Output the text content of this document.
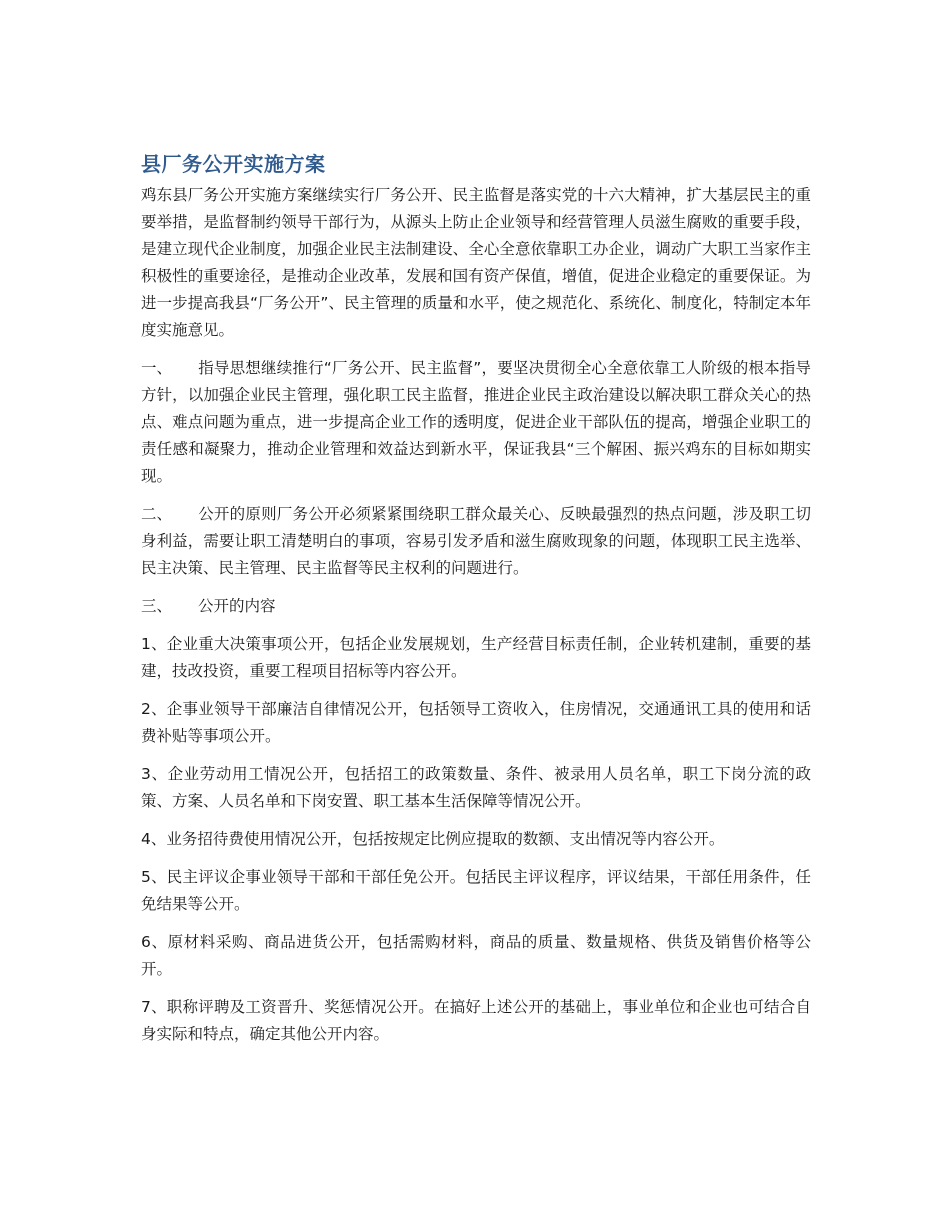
县厂务公开实施方案

鸡东县厂务公开实施方案继续实行厂务公开、民主监督是落实党的十六大精神，扩大基层民主的重要举措，是监督制约领导干部行为，从源头上防止企业领导和经营管理人员滋生腐败的重要手段，是建立现代企业制度，加强企业民主法制建设、全心全意依靠职工办企业，调动广大职工当家作主积极性的重要途径，是推动企业改革，发展和国有资产保值，增值，促进企业稳定的重要保证。为进一步提高我县“厂务公开”、民主管理的质量和水平，使之规范化、系统化、制度化，特制定本年度实施意见。

一、 指导思想继续推行“厂务公开、民主监督”，要坚决贯彻全心全意依靠工人阶级的根本指导方针，以加强企业民主管理，强化职工民主监督，推进企业民主政治建设以解决职工群众关心的热点、难点问题为重点，进一步提高企业工作的透明度，促进企业干部队伍的提高，增强企业职工的责任感和凝聚力，推动企业管理和效益达到新水平，保证我县“三个解困、振兴鸡东的目标如期实现。

二、 公开的原则厂务公开必须紧紧围绕职工群众最关心、反映最强烈的热点问题，涉及职工切身利益，需要让职工清楚明白的事项，容易引发矛盾和滋生腐败现象的问题，体现职工民主选举、民主决策、民主管理、民主监督等民主权利的问题进行。

三、 公开的内容

1、企业重大决策事项公开，包括企业发展规划，生产经营目标责任制，企业转机建制，重要的基建，技改投资，重要工程项目招标等内容公开。

2、企事业领导干部廉洁自律情况公开，包括领导工资收入，住房情况，交通通讯工具的使用和话费补贴等事项公开。

3、企业劳动用工情况公开，包括招工的政策数量、条件、被录用人员名单，职工下岗分流的政策、方案、人员名单和下岗安置、职工基本生活保障等情况公开。

4、业务招待费使用情况公开，包括按规定比例应提取的数额、支出情况等内容公开。

5、民主评议企事业领导干部和干部任免公开。包括民主评议程序，评议结果，干部任用条件，任免结果等公开。

6、原材料采购、商品进货公开，包括需购材料，商品的质量、数量规格、供货及销售价格等公开。

7、职称评聘及工资晋升、奖惩情况公开。在搞好上述公开的基础上，事业单位和企业也可结合自身实际和特点，确定其他公开内容。
